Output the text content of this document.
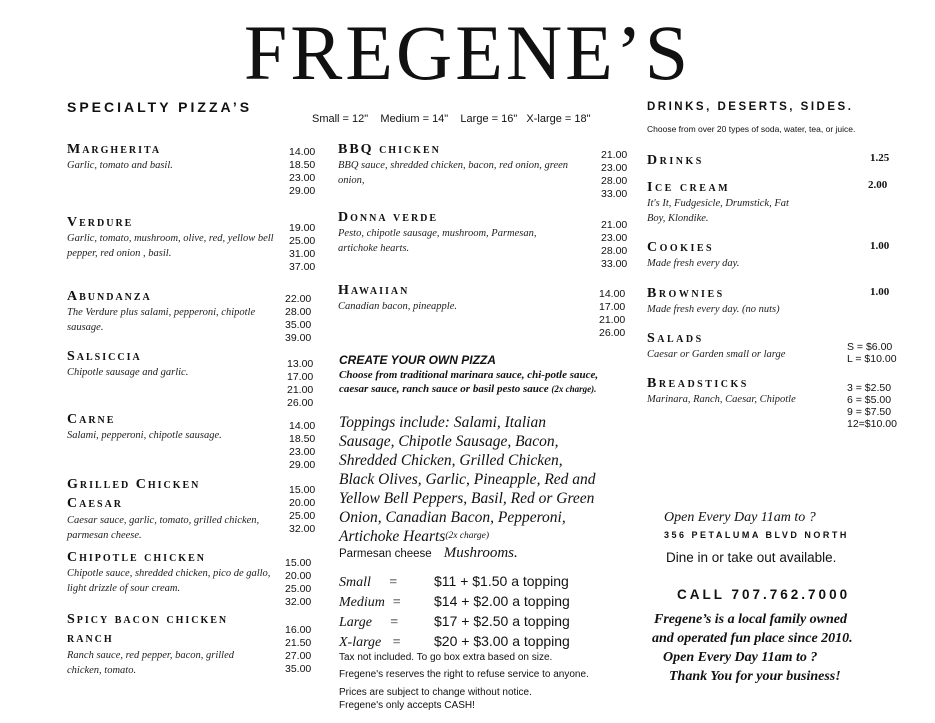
FREGENE’S
SPECIALTY PIZZA’S
Small = 12"    Medium = 14"    Large = 16"   X-large = 18"
Margherita
Garlic, tomato and basil.
14.00
18.50
23.00
29.00
Verdure
Garlic, tomato, mushroom, olive, red, yellow bell pepper, red onion , basil.
19.00
25.00
31.00
37.00
Abundanza
The Verdure plus salami, pepperoni, chipotle sausage.
22.00
28.00
35.00
39.00
Salsiccia
Chipotle sausage and garlic.
13.00
17.00
21.00
26.00
Carne
Salami, pepperoni, chipotle sausage.
14.00
18.50
23.00
29.00
Grilled Chicken Caesar
Caesar sauce, garlic, tomato, grilled chicken, parmesan cheese.
15.00
20.00
25.00
32.00
Chipotle chicken
Chipotle sauce, shredded chicken, pico de gallo, light drizzle of sour cream.
15.00
20.00
25.00
32.00
Spicy bacon chicken ranch
Ranch sauce, red pepper, bacon, grilled chicken, tomato.
16.00
21.50
27.00
35.00
BBQ chicken
BBQ sauce, shredded chicken, bacon, red onion, green onion,
21.00
23.00
28.00
33.00
Donna verde
Pesto, chipotle sausage, mushroom, Parmesan, artichoke hearts.
21.00
23.00
28.00
33.00
Hawaiian
Canadian bacon, pineapple.
14.00
17.00
21.00
26.00
CREATE YOUR OWN PIZZA
Choose from traditional marinara sauce, chi-potle sauce, caesar sauce, ranch sauce or basil pesto sauce (2x charge).
Toppings include: Salami, Italian Sausage, Chipotle Sausage, Bacon, Shredded Chicken, Grilled Chicken, Black Olives, Garlic, Pineapple, Red and Yellow Bell Peppers, Basil, Red or Green Onion, Canadian Bacon, Pepperoni, Artichoke Hearts$^{(2x charge)}$
Parmesan cheese Mushrooms.
Small     =	$11 + $1.50 a topping
Medium  = $14 + $2.00 a topping
Large     =	$17 + $2.50 a topping
X-large   = $20 + $3.00 a topping
Tax not included. To go box extra based on size.
Fregene's reserves the right to refuse service to anyone.
Prices are subject to change without notice.
Fregene's only accepts CASH!
DRINKS, DESERTS, SIDES.
Choose from over 20 types of soda, water, tea, or juice.
Drinks	1.25
Ice cream
It's It, Fudgesicle, Drumstick, Fat Boy, Klondike.
2.00
Cookies
Made fresh every day.
1.00
Brownies
Made fresh every day. (no nuts)
1.00
Salads
Caesar or Garden small or large
S = $6.00
L = $10.00
Breadsticks
Marinara, Ranch, Caesar, Chipotle
3 = $2.50
6 = $5.00
9 = $7.50
12=$10.00
Open Every Day 11am to ?
356 PETALUMA BLVD NORTH
Dine in or take out available.
CALL 707.762.7000
Fregene’s is a local family owned
and operated fun place since 2010.
Open Every Day 11am to ?
Thank You for your business!
